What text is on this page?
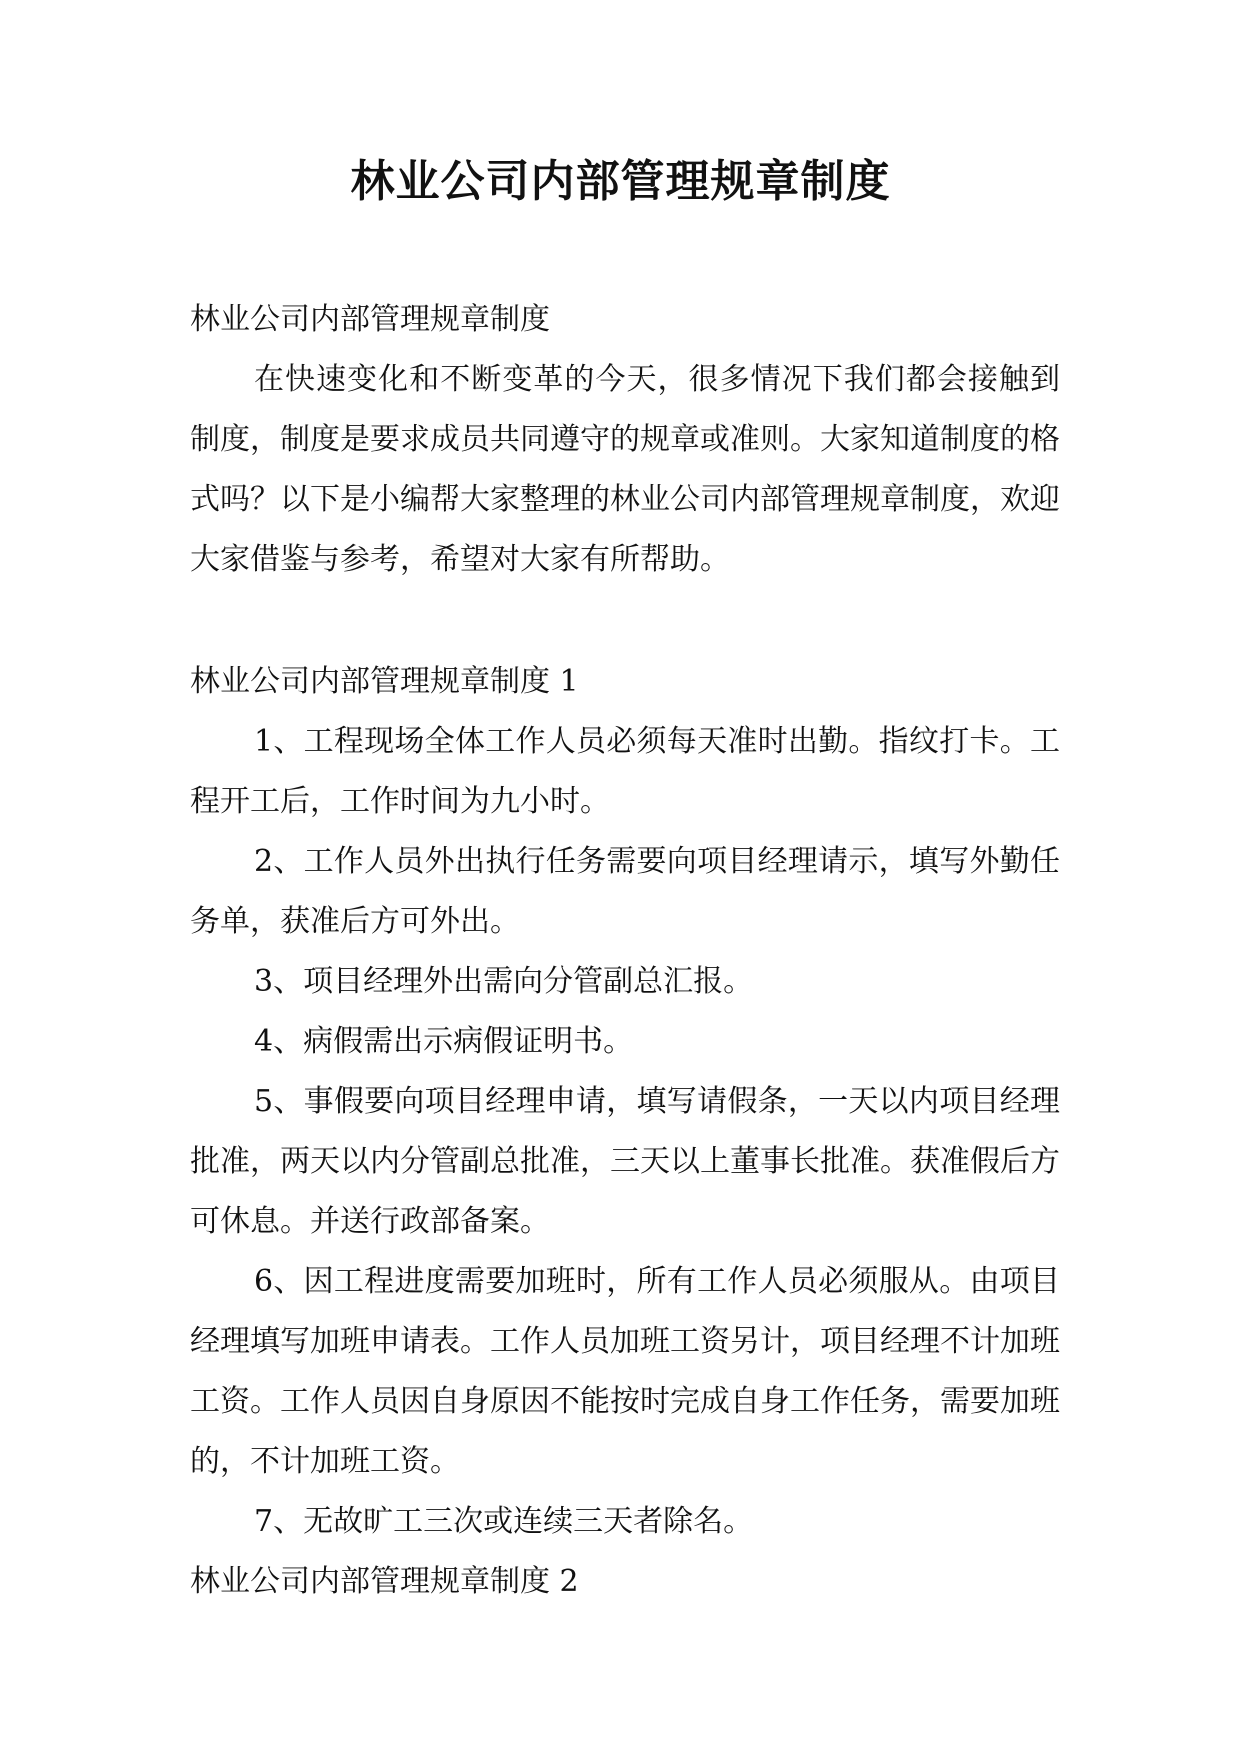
林业公司内部管理规章制度

林业公司内部管理规章制度

在快速变化和不断变革的今天，很多情况下我们都会接触到制度，制度是要求成员共同遵守的规章或准则。大家知道制度的格式吗？以下是小编帮大家整理的林业公司内部管理规章制度，欢迎大家借鉴与参考，希望对大家有所帮助。

林业公司内部管理规章制度 1

1、工程现场全体工作人员必须每天准时出勤。指纹打卡。工程开工后，工作时间为九小时。

2、工作人员外出执行任务需要向项目经理请示，填写外勤任务单，获准后方可外出。

3、项目经理外出需向分管副总汇报。

4、病假需出示病假证明书。

5、事假要向项目经理申请，填写请假条，一天以内项目经理批准，两天以内分管副总批准，三天以上董事长批准。获准假后方可休息。并送行政部备案。

6、因工程进度需要加班时，所有工作人员必须服从。由项目经理填写加班申请表。工作人员加班工资另计，项目经理不计加班工资。工作人员因自身原因不能按时完成自身工作任务，需要加班的，不计加班工资。

7、无故旷工三次或连续三天者除名。

林业公司内部管理规章制度 2
